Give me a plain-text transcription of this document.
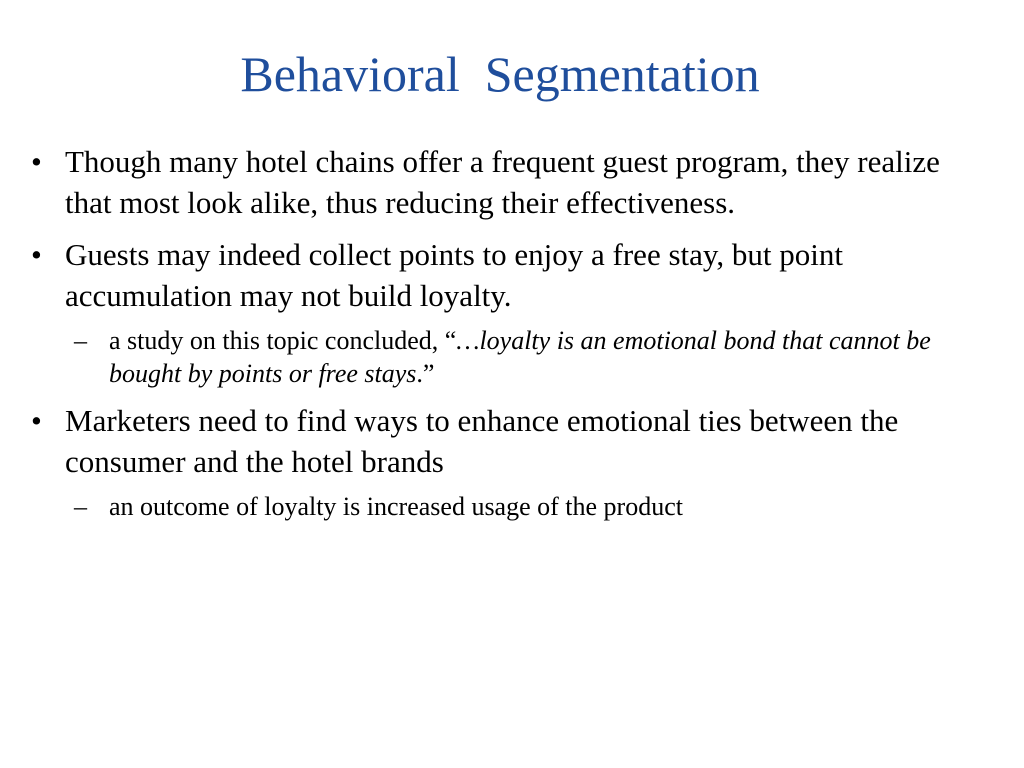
Behavioral  Segmentation
• Though many hotel chains offer a frequent guest program, they realize that most look alike, thus reducing their effectiveness.
• Guests may indeed collect points to enjoy a free stay, but point accumulation may not build loyalty.
– a study on this topic concluded, “…loyalty is an emotional bond that cannot be bought by points or free stays.”
• Marketers need to find ways to enhance emotional ties between the consumer and the hotel brands
– an outcome of loyalty is increased usage of the product
